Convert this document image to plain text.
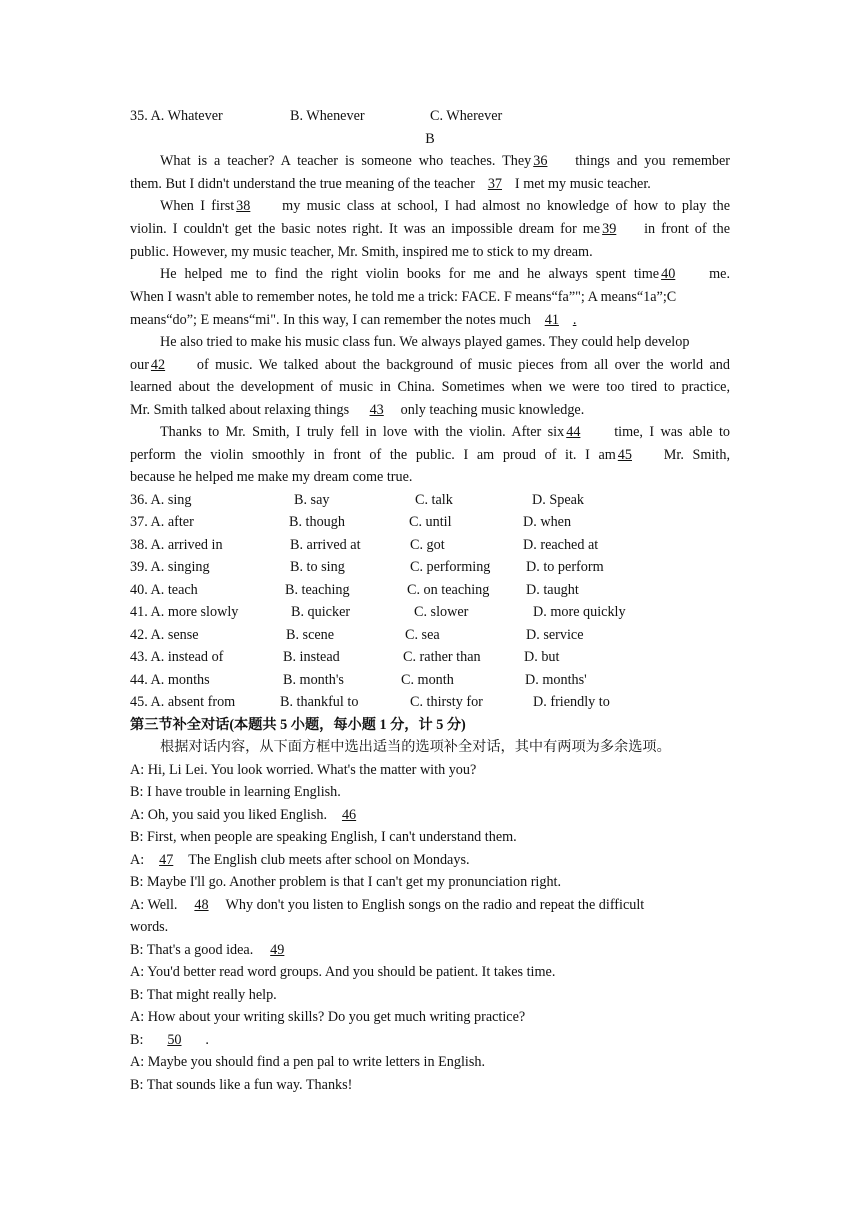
35. A. Whatever	B. Whenever	C. Wherever
B
What is a teacher? A teacher is someone who teaches. They 36 things and you remember
them. But I didn't understand the true meaning of the teacher 37 I met my music teacher.
When I first 38 my music class at school, I had almost no knowledge of how to play the
violin. I couldn't get the basic notes right. It was an impossible dream for me 39 in front of the
public. However, my music teacher, Mr. Smith, inspired me to stick to my dream.
He helped me to find the right violin books for me and he always spent time 40 me.
When I wasn't able to remember notes, he told me a trick: FACE. F means“fa”"; A means“1a”;C
means“do”; E means“mi". In this way, I can remember the notes much 41 .
He also tried to make his music class fun. We always played games. They could help develop
our 42 of music. We talked about the background of music pieces from all over the world and
learned about the development of music in China. Sometimes when we were too tired to practice,
Mr. Smith talked about relaxing things 43 only teaching music knowledge.
Thanks to Mr. Smith, I truly fell in love with the violin. After six 44 time, I was able to
perform the violin smoothly in front of the public. I am proud of it. I am 45 Mr. Smith,
because he helped me make my dream come true.
36. A. sing	B. say	C. talk	D. Speak
37. A. after	B. though	C. until	D. when
38. A. arrived in	B. arrived at	C. got	D. reached at
39. A. singing	B. to sing	C. performing	D. to perform
40. A. teach	B. teaching	C. on teaching	D. taught
41. A. more slowly	B. quicker	C. slower	D. more quickly
42. A. sense	B. scene	C. sea	D. service
43. A. instead of	B. instead	C. rather than	D. but
44. A. months	B. month's	C. month	D. months'
45. A. absent from	B. thankful to	C. thirsty for	D. friendly to
第三节补全对话(本题共 5 小题，每小题 1 分，计 5 分)
根据对话内容，从下面方框中选出适当的选项补全对话，其中有两项为多余选项。
A: Hi, Li Lei. You look worried. What's the matter with you?
B: I have trouble in learning English.
A: Oh, you said you liked English. 46
B: First, when people are speaking English, I can't understand them.
A: 47 The English club meets after school on Mondays.
B: Maybe I'll go. Another problem is that I can't get my pronunciation right.
A: Well. 48 Why don't you listen to English songs on the radio and repeat the difficult
words.
B: That's a good idea. 49
A: You'd better read word groups. And you should be patient. It takes time.
B: That might really help.
A: How about your writing skills? Do you get much writing practice?
B: 50 .
A: Maybe you should find a pen pal to write letters in English.
B: That sounds like a fun way. Thanks!
